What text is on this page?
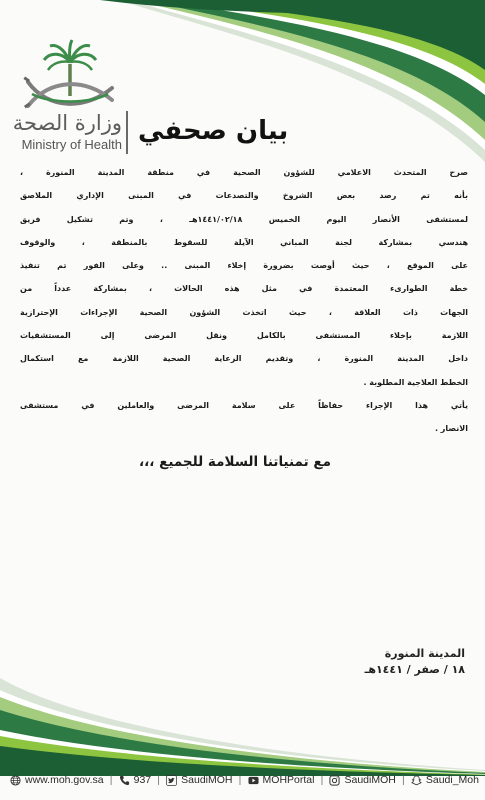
وزارة الصحة
Ministry of Health بيان صحفي
صرح المتحدث الاعلامي للشؤون الصحية في منطقة المدينة المنورة ،
بأنه تم رصد بعض الشروخ والتصدعات في المبنى الإداري الملاصق
لمستشفى الأنصار اليوم الخميس ١٤٤١/٠٢/١٨هـ ، وتم تشكيل فريق
هندسي بمشاركة لجنة المباني الآيلة للسقوط بالمنطقة ، والوقوف
على الموقع ، حيث أوصت بضرورة إخلاء المبنى .. وعلى الفور تم تنفيذ
خطة الطوارىء المعتمدة في مثل هذه الحالات ، بمشاركة عدداً من
الجهات ذات العلاقة ، حيث اتخذت الشؤون الصحية الإجراءات الإحترازية
اللازمة بإخلاء المستشفى بالكامل ونقل المرضى إلى المستشفيات
داخل المدينة المنورة ، وتقديم الرعاية الصحية اللازمة مع استكمال
الخطط العلاجية المطلوبة .
يأتي هذا الإجراء حفاظاً على سلامة المرضى والعاملين في مستشفى
الانصار .
مع تمنياتنا السلامة للجميع ،،،
المدينة المنورة
١٨ / صفر / ١٤٤١هـ
www.moh.gov.sa | 937 | SaudiMOH | MOHPortal | SaudiMOH | Saudi_Moh
